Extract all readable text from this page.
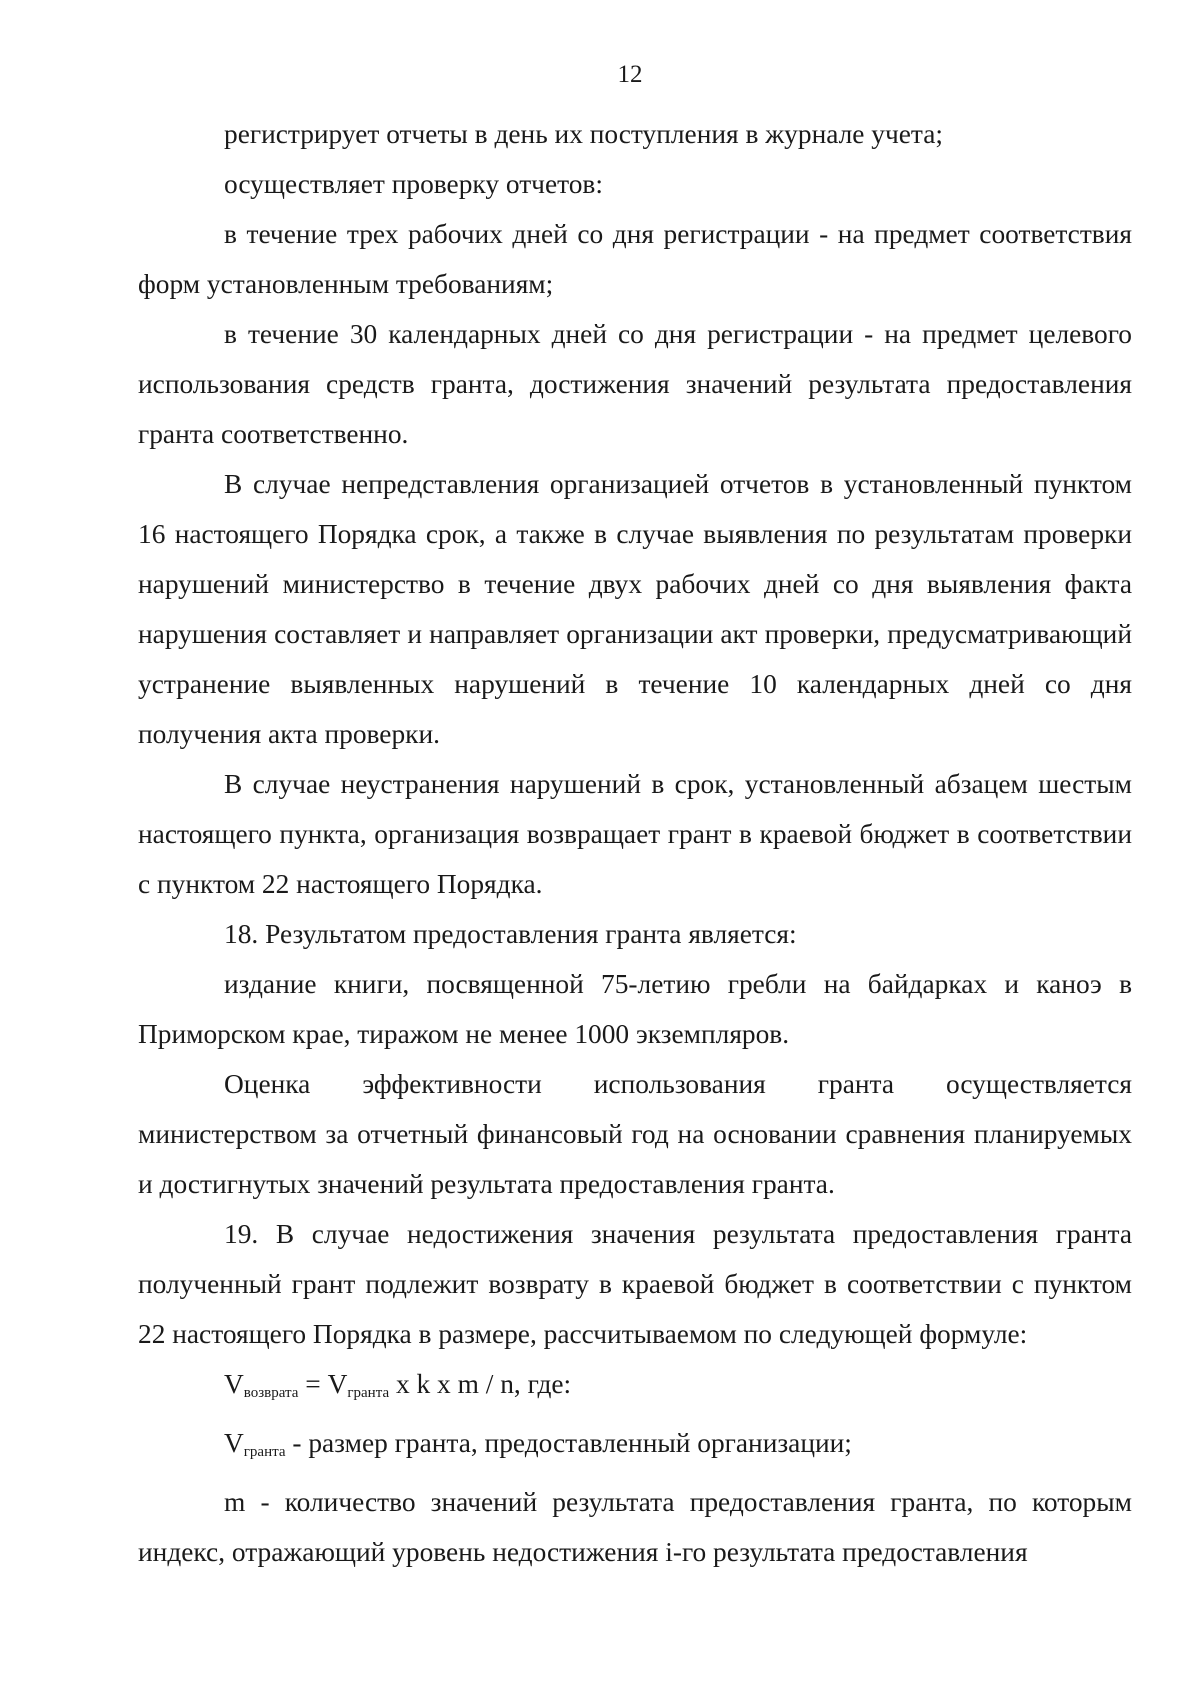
12

регистрирует отчеты в день их поступления в журнале учета;

осуществляет проверку отчетов:

в течение трех рабочих дней со дня регистрации - на предмет соответствия форм установленным требованиям;

в течение 30 календарных дней со дня регистрации - на предмет целевого использования средств гранта, достижения значений результата предоставления гранта соответственно.

В случае непредставления организацией отчетов в установленный пунктом 16 настоящего Порядка срок, а также в случае выявления по результатам проверки нарушений министерство в течение двух рабочих дней со дня выявления факта нарушения составляет и направляет организации акт проверки, предусматривающий устранение выявленных нарушений в течение 10 календарных дней со дня получения акта проверки.

В случае неустранения нарушений в срок, установленный абзацем шестым настоящего пункта, организация возвращает грант в краевой бюджет в соответствии с пунктом 22 настоящего Порядка.

18. Результатом предоставления гранта является:

издание книги, посвященной 75-летию гребли на байдарках и каноэ в Приморском крае, тиражом не менее 1000 экземпляров.

Оценка эффективности использования гранта осуществляется министерством за отчетный финансовый год на основании сравнения планируемых и достигнутых значений результата предоставления гранта.

19. В случае недостижения значения результата предоставления гранта полученный грант подлежит возврату в краевой бюджет в соответствии с пунктом 22 настоящего Порядка в размере, рассчитываемом по следующей формуле:

$V_{возврата} = V_{гранта}$ x k x m / n, где:

$V_{гранта}$ - размер гранта, предоставленный организации;

m - количество значений результата предоставления гранта, по которым индекс, отражающий уровень недостижения i-го результата предоставления
